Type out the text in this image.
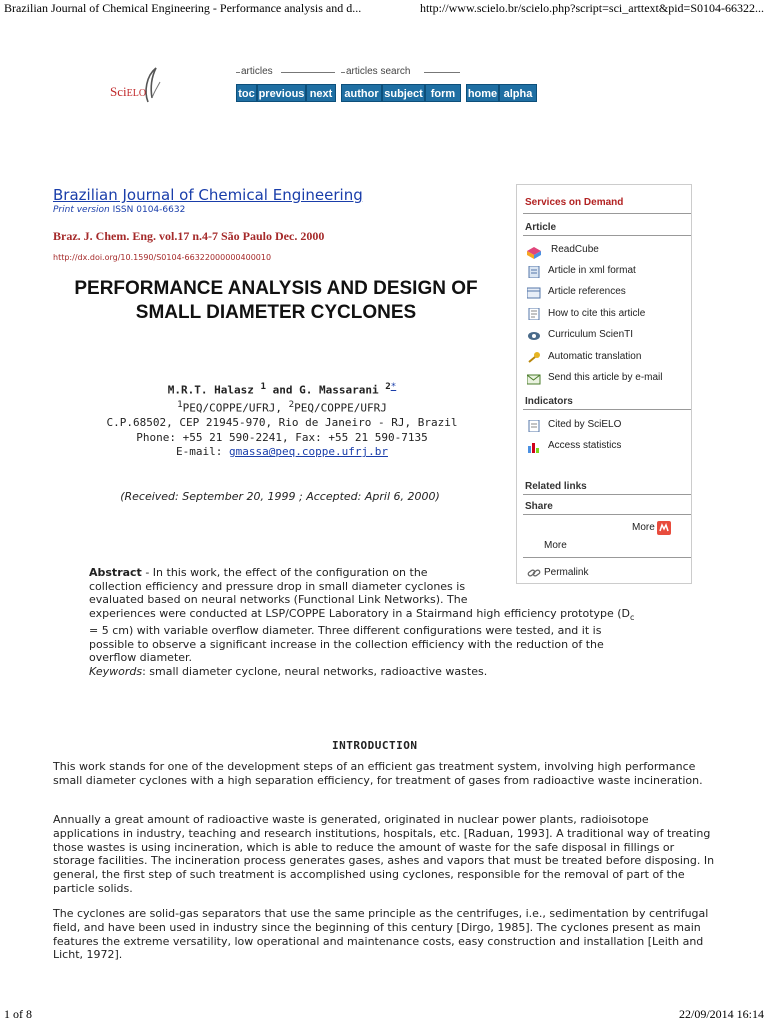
Brazilian Journal of Chemical Engineering - Performance analysis and d...	http://www.scielo.br/scielo.php?script=sci_arttext&pid=S0104-66322...
SciELO
articles	articles search
toc previous next	author subject form	home alpha
Brazilian Journal of Chemical Engineering
Print version ISSN 0104-6632
Braz. J. Chem. Eng. vol.17 n.4-7 São Paulo Dec. 2000
http://dx.doi.org/10.1590/S0104-66322000000400010
PERFORMANCE ANALYSIS AND DESIGN OF SMALL DIAMETER CYCLONES
M.R.T. Halasz $^1$ and G. Massarani $^{2*}$
$^1$PEQ/COPPE/UFRJ, $^2$PEQ/COPPE/UFRJ
C.P.68502, CEP 21945-970, Rio de Janeiro - RJ, Brazil
Phone: +55 21 590-2241, Fax: +55 21 590-7135
E-mail: gmassa@peq.coppe.ufrj.br
(Received: September 20, 1999 ; Accepted: April 6, 2000)
Services on Demand
Article
ReadCube
Article in xml format
Article references
How to cite this article
Curriculum ScienTI
Automatic translation
Send this article by e-mail
Indicators
Cited by SciELO
Access statistics
Related links
Share
More
More
Permalink
Abstract - In this work, the effect of the configuration on the
collection efficiency and pressure drop in small diameter cyclones is
evaluated based on neural networks (Functional Link Networks). The
experiences were conducted at LSP/COPPE Laboratory in a Stairmand high efficiency prototype ($D_c$
= 5 cm) with variable overflow diameter. Three different configurations were tested, and it is
possible to observe a significant increase in the collection efficiency with the reduction of the
overflow diameter.
Keywords: small diameter cyclone, neural networks, radioactive wastes.
INTRODUCTION
This work stands for one of the development steps of an efficient gas treatment system, involving high performance small diameter cyclones with a high separation efficiency, for treatment of gases from radioactive waste incineration.
Annually a great amount of radioactive waste is generated, originated in nuclear power plants, radioisotope applications in industry, teaching and research institutions, hospitals, etc. [Raduan, 1993]. A traditional way of treating those wastes is using incineration, which is able to reduce the amount of waste for the safe disposal in fillings or storage facilities. The incineration process generates gases, ashes and vapors that must be treated before disposing. In general, the first step of such treatment is accomplished using cyclones, responsible for the removal of part of the particle solids.
The cyclones are solid-gas separators that use the same principle as the centrifuges, i.e., sedimentation by centrifugal field, and have been used in industry since the beginning of this century [Dirgo, 1985]. The cyclones present as main features the extreme versatility, low operational and maintenance costs, easy construction and installation [Leith and Licht, 1972].
1 of 8	22/09/2014 16:14
